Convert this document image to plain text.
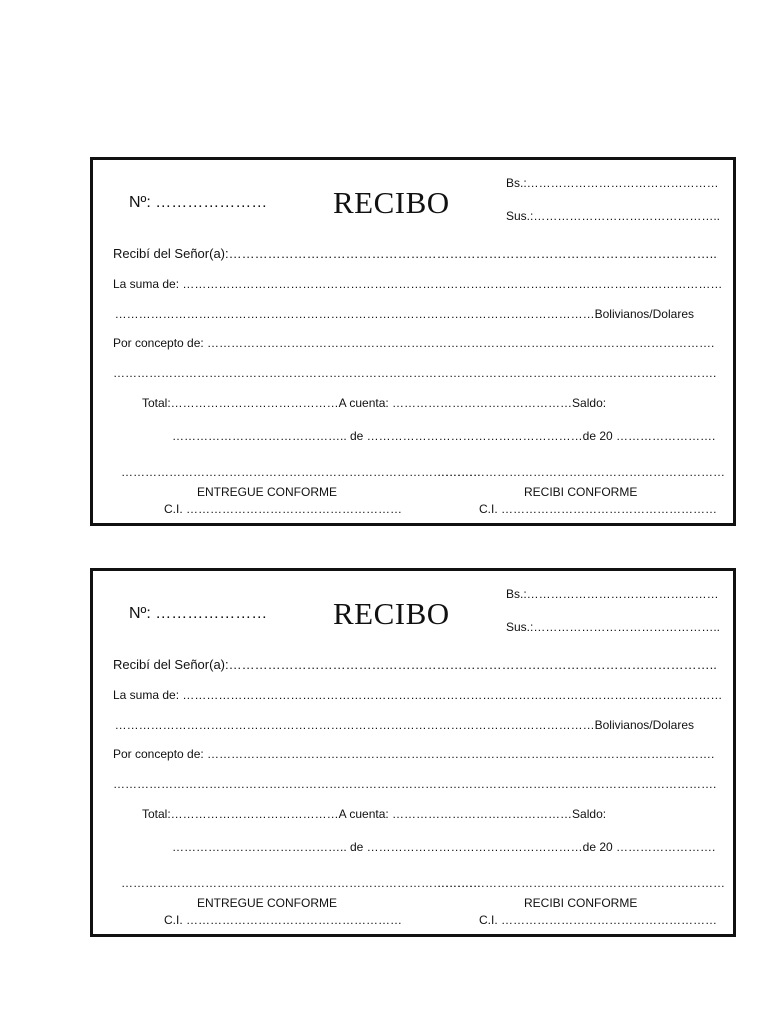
Nº: ………………… RECIBO
Bs.:…………………………………………
Sus.:………………………………………..
Recibí del Señor(a):…………………………………………………………………………………………………..
La suma de: ………………………………………………………………………………………………………………………
…………………………………………………………………………………………………………Bolivianos/Dolares
Por concepto de: ……………………………………………………………………………………………………………….
…………………………………………………………………………………………………………………………………….
Total:……………………………………A cuenta: ………………………………………Saldo:
…………………………………….. de ………………………………………………de 20 …………………….
………………………………………………………………………………
………………………………………………………………
ENTREGUE CONFORME	RECIBI CONFORME
C.I. ………………………………………………	C.I. ………………………………………………
Nº: ………………… RECIBO
Bs.:…………………………………………
Sus.:………………………………………..
Recibí del Señor(a):…………………………………………………………………………………………………..
La suma de: ………………………………………………………………………………………………………………………
…………………………………………………………………………………………………………Bolivianos/Dolares
Por concepto de: ……………………………………………………………………………………………………………….
…………………………………………………………………………………………………………………………………….
Total:……………………………………A cuenta: ………………………………………Saldo:
…………………………………….. de ………………………………………………de 20 …………………….
………………………………………………………………………………
………………………………………………………………
ENTREGUE CONFORME	RECIBI CONFORME
C.I. ………………………………………………	C.I. ………………………………………………
